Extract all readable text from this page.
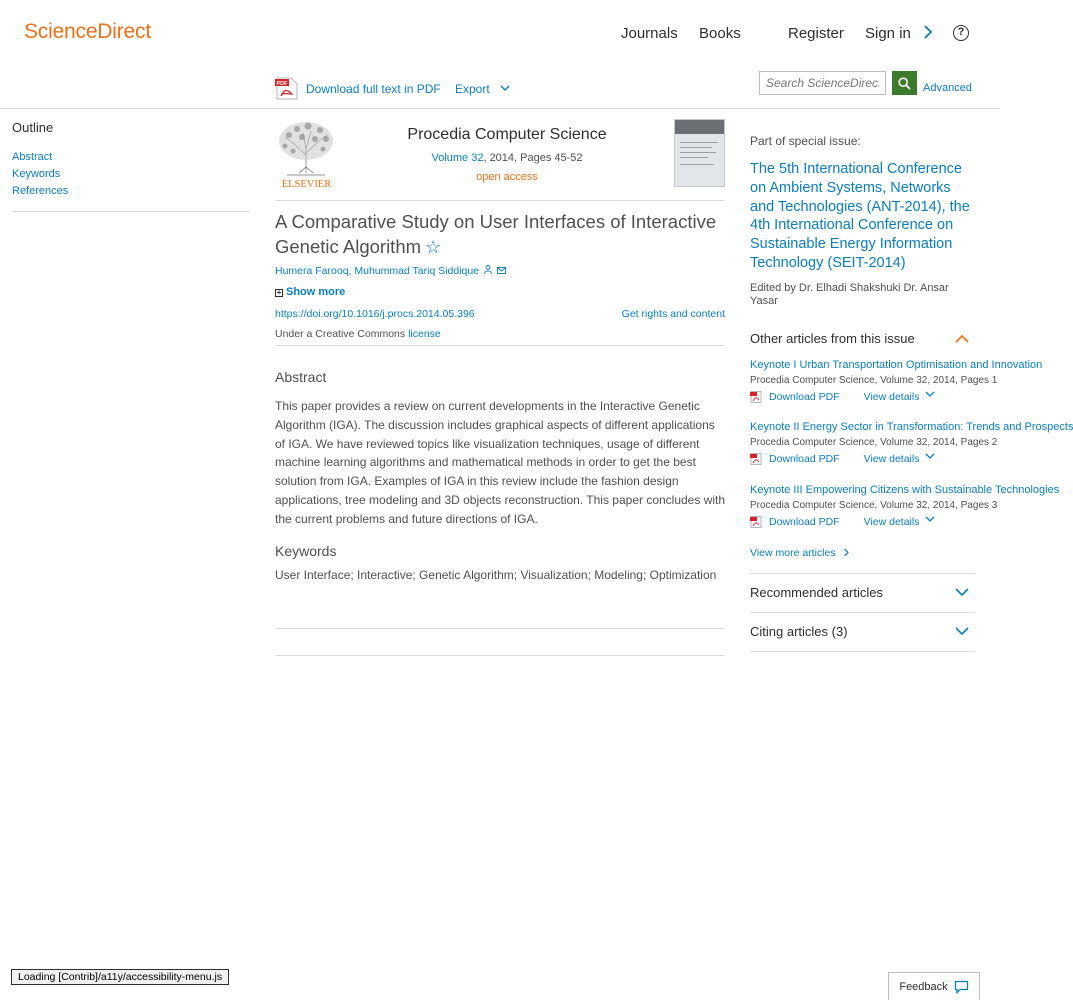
ScienceDirect	Journals Books	Register Sign in	?
PDF Download full text in PDF Export
Search ScienceDirect	Advanced
Outline
Abstract
Keywords
References
ELSEVIER
Procedia Computer Science
Volume 32, 2014, Pages 45-52
open access
A Comparative Study on User Interfaces of Interactive Genetic Algorithm ☆
Humera Farooq, Muhummad Tariq Siddique
+ Show more
https://doi.org/10.1016/j.procs.2014.05.396	Get rights and content
Under a Creative Commons license
Abstract

This paper provides a review on current developments in the Interactive Genetic Algorithm (IGA). The discussion includes graphical aspects of different applications of IGA. We have reviewed topics like visualization techniques, usage of different machine learning algorithms and mathematical methods in order to get the best solution from IGA. Examples of IGA in this review include the fashion design applications, tree modeling and 3D objects reconstruction. This paper concludes with the current problems and future directions of IGA.

Keywords

User Interface; Interactive; Genetic Algorithm; Visualization; Modeling; Optimization

Part of special issue:
The 5th International Conference on Ambient Systems, Networks and Technologies (ANT-2014), the 4th International Conference on Sustainable Energy Information Technology (SEIT-2014)
Edited by Dr. Elhadi Shakshuki Dr. Ansar Yasar
Other articles from this issue
Keynote I Urban Transportation Optimisation and Innovation
Procedia Computer Science, Volume 32, 2014, Pages 1
Download PDF View details
Keynote II Energy Sector in Transformation: Trends and Prospects
Procedia Computer Science, Volume 32, 2014, Pages 2
Download PDF View details
Keynote III Empowering Citizens with Sustainable Technologies
Procedia Computer Science, Volume 32, 2014, Pages 3
Download PDF View details
View more articles
Recommended articles
Citing articles (3)
Loading [Contrib]/a11y/accessibility-menu.js
Feedback
